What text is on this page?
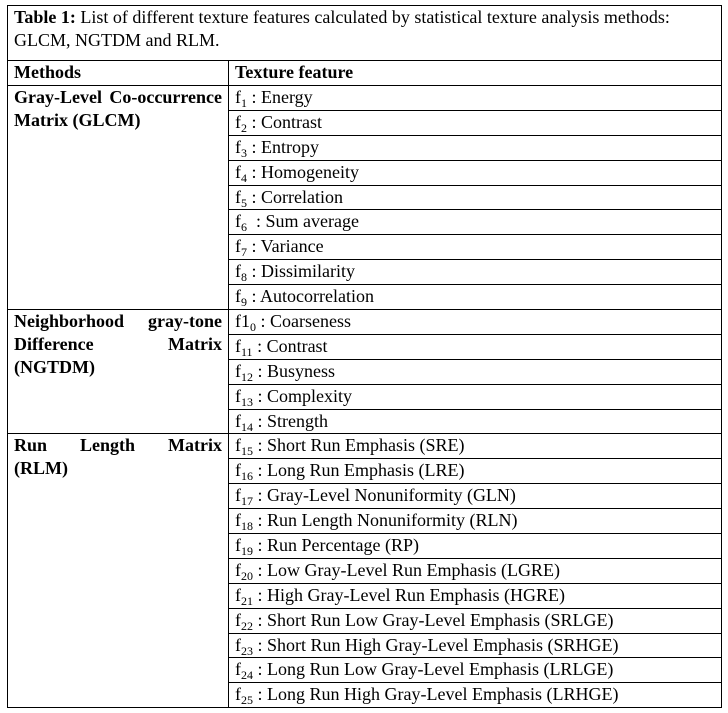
Table 1: List of different texture features calculated by statistical texture analysis methods: GLCM, NGTDM and RLM.	
Methods	Texture feature
Gray-Level Co-occurrence Matrix (GLCM)	$f_1$ : Energy
	$f_2$ : Contrast
	$f_3$ : Entropy
	$f_4$ : Homogeneity
	$f_5$ : Correlation
	$f_6$  : Sum average
	$f_7$ : Variance
	$f_8$ : Dissimilarity
	$f_9$ : Autocorrelation
Neighborhood gray-tone Difference Matrix (NGTDM)	$f1_0$ : Coarseness
	$f_{11}$ : Contrast
	$f_{12}$ : Busyness
	$f_{13}$ : Complexity
	$f_{14}$ : Strength
Run Length Matrix (RLM)	$f_{15}$ : Short Run Emphasis (SRE)
	$f_{16}$ : Long Run Emphasis (LRE)
	$f_{17}$ : Gray-Level Nonuniformity (GLN)
	$f_{18}$ : Run Length Nonuniformity (RLN)
	$f_{19}$ : Run Percentage (RP)
	$f_{20}$ : Low Gray-Level Run Emphasis (LGRE)
	$f_{21}$ : High Gray-Level Run Emphasis (HGRE)
	$f_{22}$ : Short Run Low Gray-Level Emphasis (SRLGE)
	$f_{23}$ : Short Run High Gray-Level Emphasis (SRHGE)
	$f_{24}$ : Long Run Low Gray-Level Emphasis (LRLGE)
	$f_{25}$ : Long Run High Gray-Level Emphasis (LRHGE)
